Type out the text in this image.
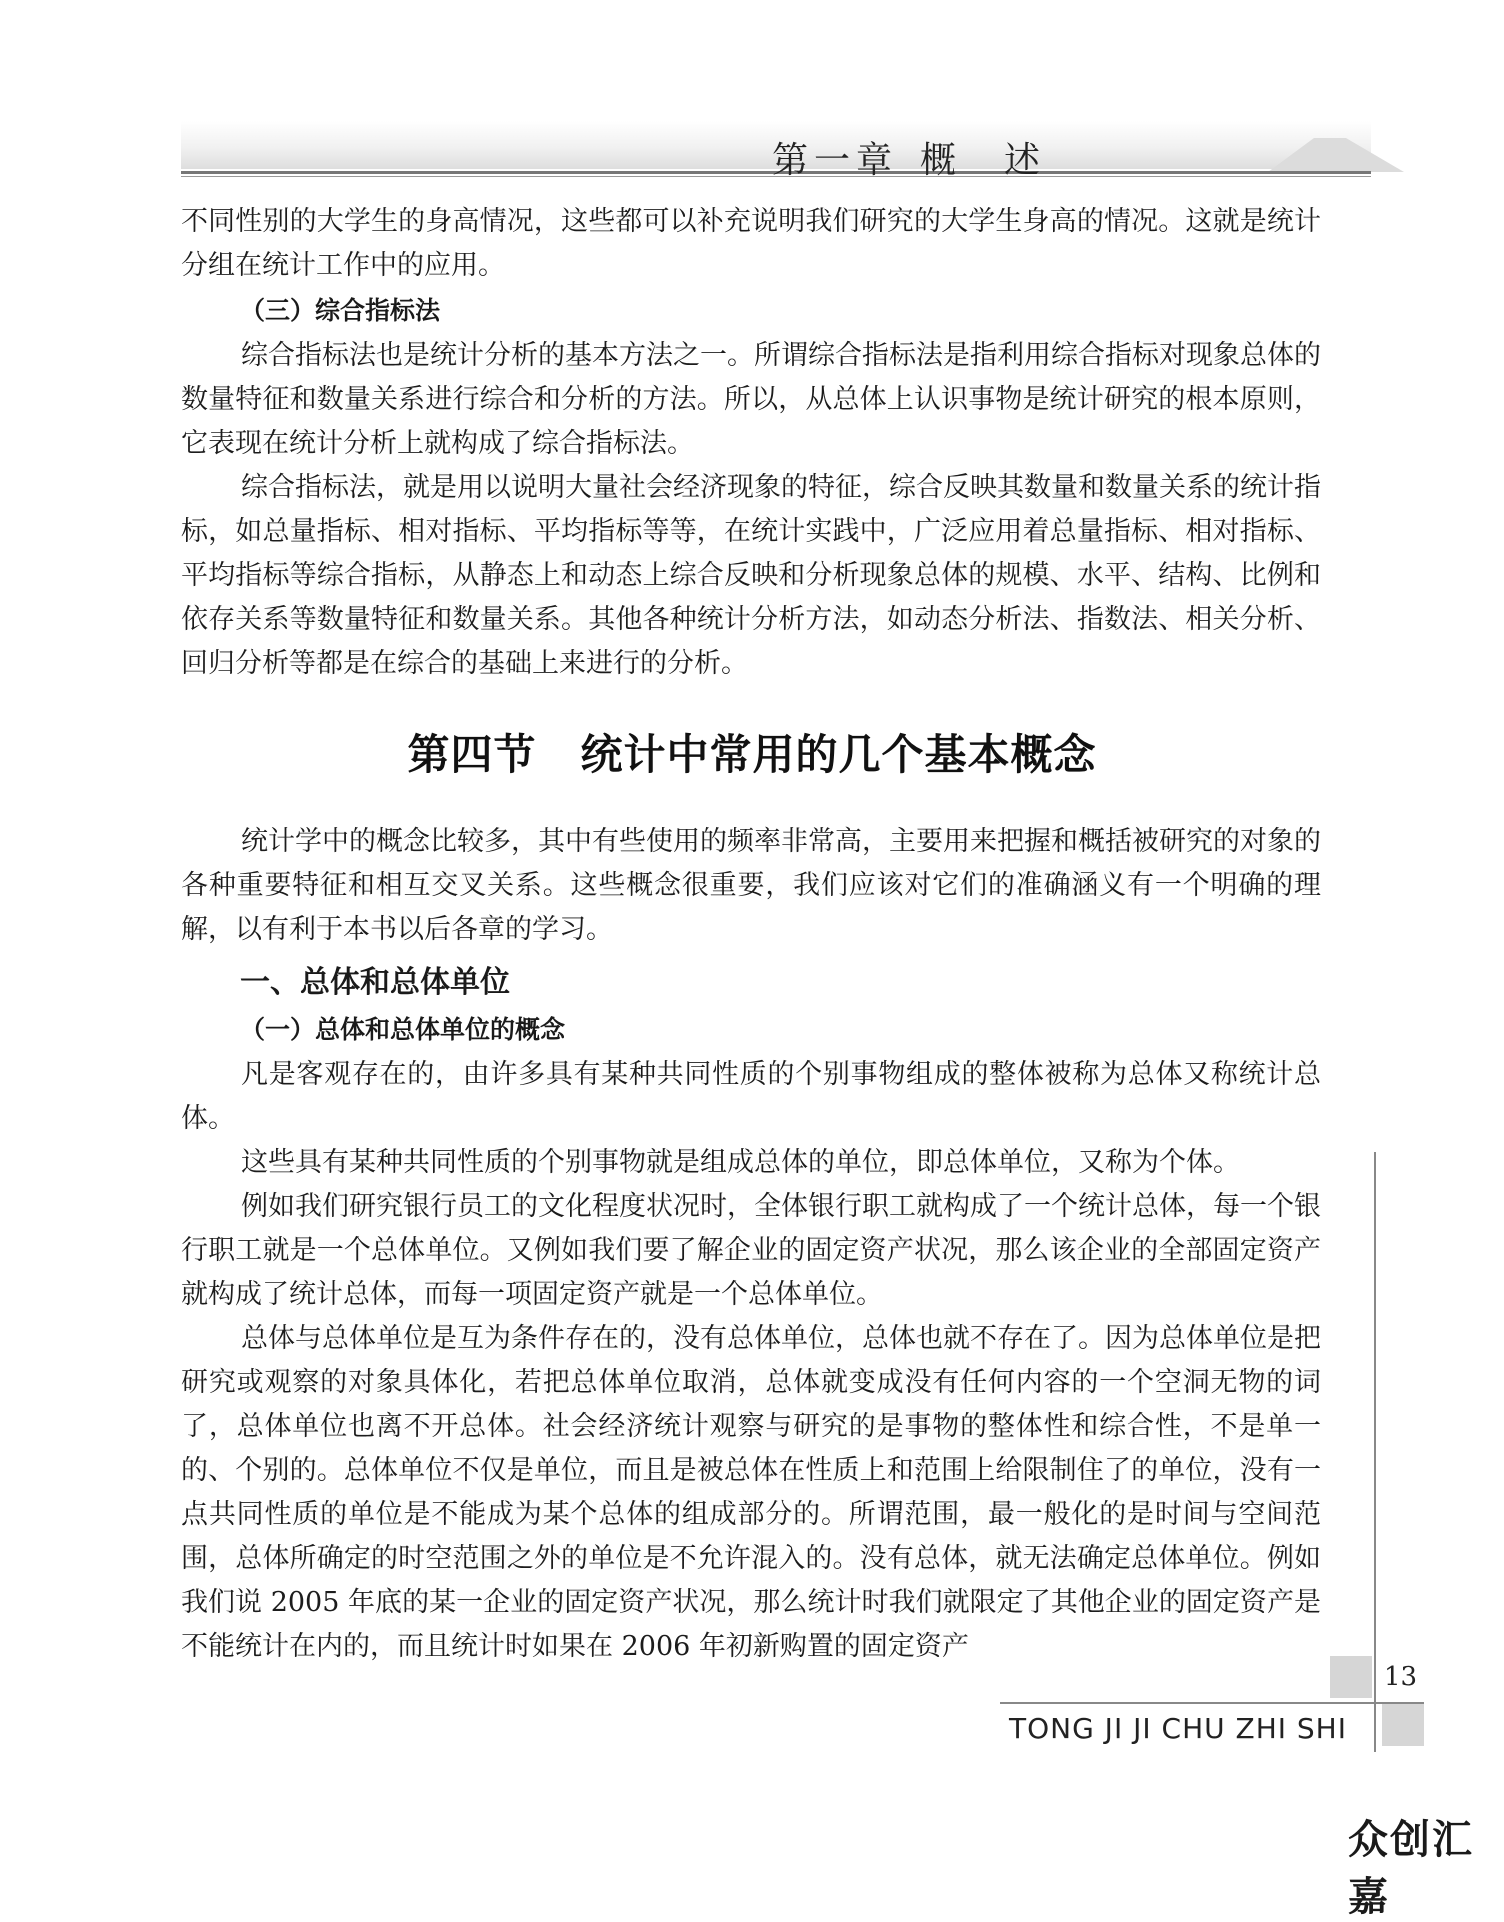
第一章 概　述

不同性别的大学生的身高情况，这些都可以补充说明我们研究的大学生身高的情况。这就是统计分组在统计工作中的应用。

（三）综合指标法

综合指标法也是统计分析的基本方法之一。所谓综合指标法是指利用综合指标对现象总体的数量特征和数量关系进行综合和分析的方法。所以，从总体上认识事物是统计研究的根本原则，它表现在统计分析上就构成了综合指标法。

综合指标法，就是用以说明大量社会经济现象的特征，综合反映其数量和数量关系的统计指标，如总量指标、相对指标、平均指标等等，在统计实践中，广泛应用着总量指标、相对指标、平均指标等综合指标，从静态上和动态上综合反映和分析现象总体的规模、水平、结构、比例和依存关系等数量特征和数量关系。其他各种统计分析方法，如动态分析法、指数法、相关分析、回归分析等都是在综合的基础上来进行的分析。

第四节 统计中常用的几个基本概念

统计学中的概念比较多，其中有些使用的频率非常高，主要用来把握和概括被研究的对象的各种重要特征和相互交叉关系。这些概念很重要，我们应该对它们的准确涵义有一个明确的理解，以有利于本书以后各章的学习。

一、总体和总体单位
（一）总体和总体单位的概念

凡是客观存在的，由许多具有某种共同性质的个别事物组成的整体被称为总体又称统计总体。

这些具有某种共同性质的个别事物就是组成总体的单位，即总体单位，又称为个体。

例如我们研究银行员工的文化程度状况时，全体银行职工就构成了一个统计总体，每一个银行职工就是一个总体单位。又例如我们要了解企业的固定资产状况，那么该企业的全部固定资产就构成了统计总体，而每一项固定资产就是一个总体单位。

总体与总体单位是互为条件存在的，没有总体单位，总体也就不存在了。因为总体单位是把研究或观察的对象具体化，若把总体单位取消，总体就变成没有任何内容的一个空洞无物的词了，总体单位也离不开总体。社会经济统计观察与研究的是事物的整体性和综合性，不是单一的、个别的。总体单位不仅是单位，而且是被总体在性质上和范围上给限制住了的单位，没有一点共同性质的单位是不能成为某个总体的组成部分的。所谓范围，最一般化的是时间与空间范围，总体所确定的时空范围之外的单位是不允许混入的。没有总体，就无法确定总体单位。例如我们说 2005 年底的某一企业的固定资产状况，那么统计时我们就限定了其他企业的固定资产是不能统计在内的，而且统计时如果在 2006 年初新购置的固定资产

13
TONG JI JI CHU ZHI SHI
众创汇嘉
